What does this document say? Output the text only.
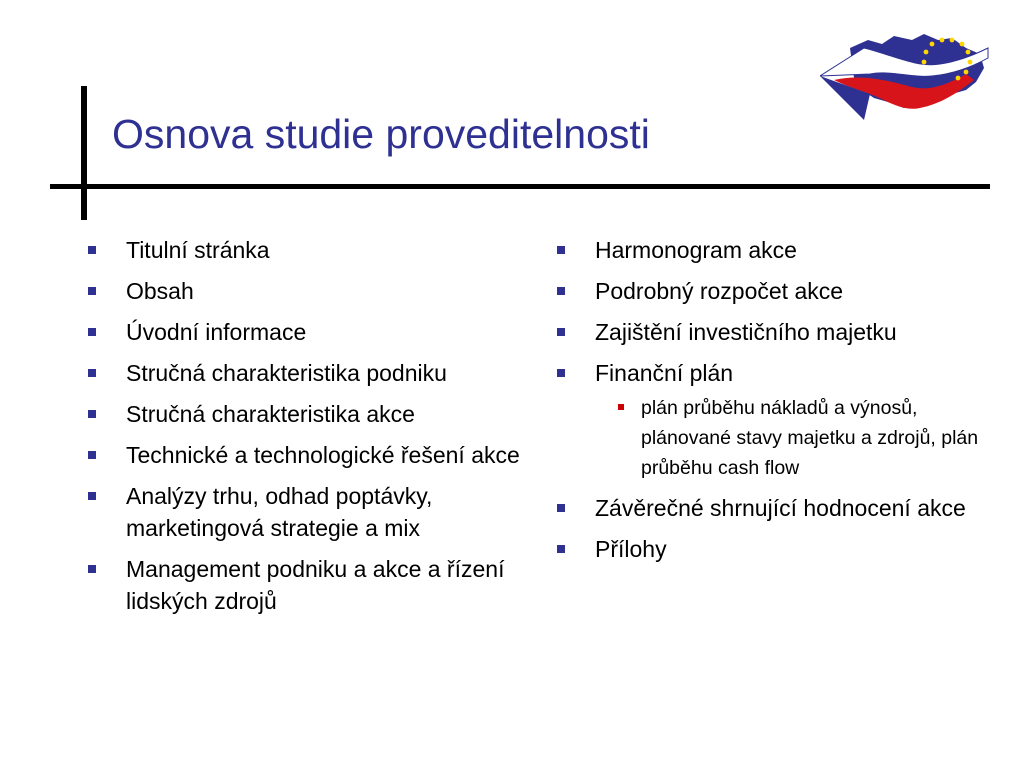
Osnova studie proveditelnosti
Titulní stránka
Obsah
Úvodní informace
Stručná charakteristika podniku
Stručná charakteristika akce
Technické a technologické řešení akce
Analýzy trhu, odhad poptávky, marketingová strategie a mix
Management podniku a akce a řízení lidských zdrojů
Harmonogram akce
Podrobný rozpočet akce
Zajištění investičního majetku
Finanční plán
plán průběhu nákladů a výnosů, plánované stavy majetku a zdrojů, plán průběhu cash flow
Závěrečné shrnující hodnocení akce
Přílohy
